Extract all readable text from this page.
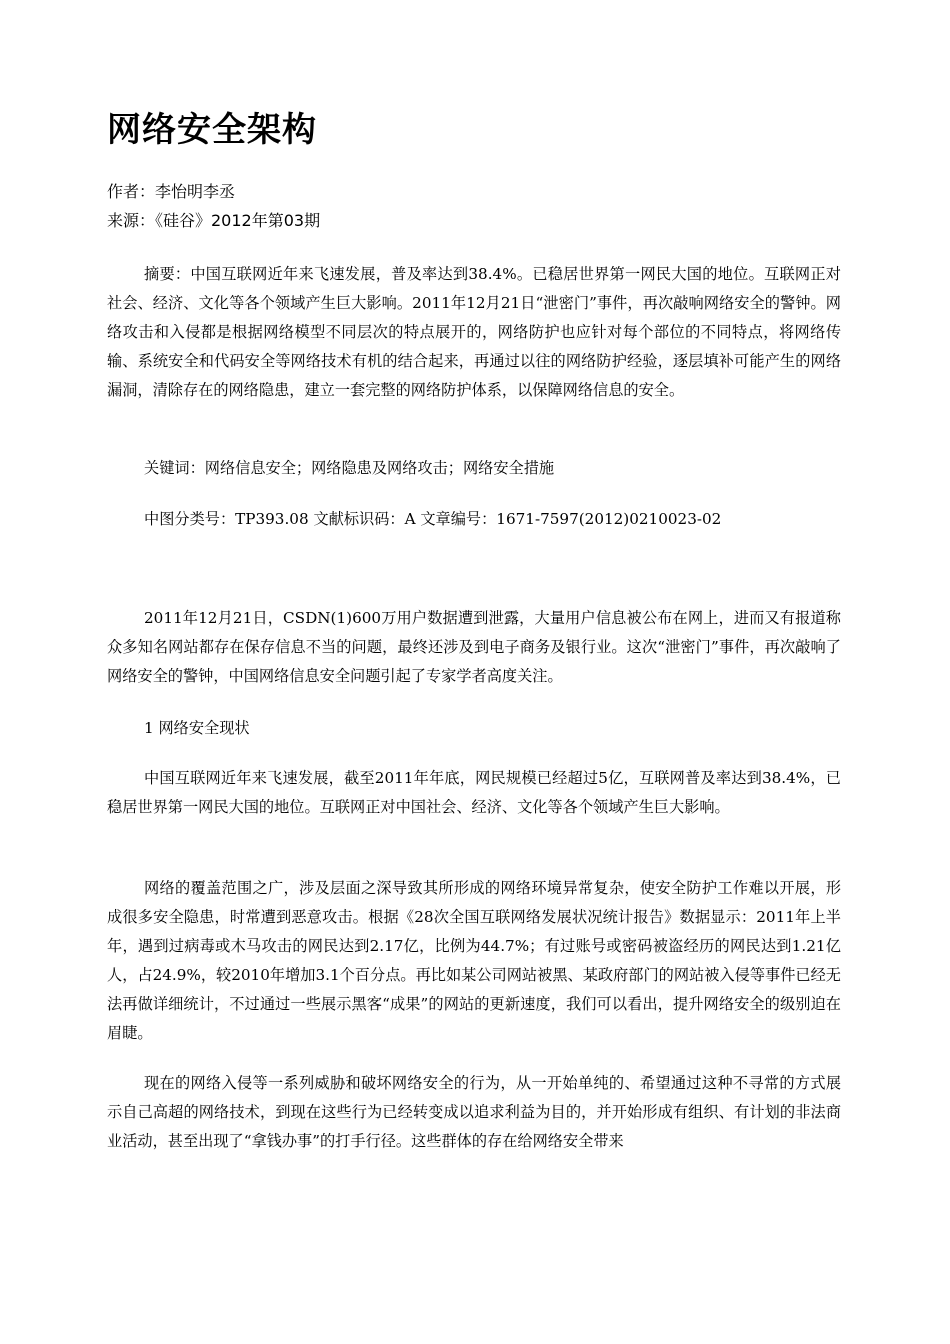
网络安全架构
作者：李怡明李丞
来源：《硅谷》2012年第03期

摘要：中国互联网近年来飞速发展，普及率达到38.4%。已稳居世界第一网民大国的地位。互联网正对社会、经济、文化等各个领域产生巨大影响。2011年12月21日“泄密门”事件，再次敲响网络安全的警钟。网络攻击和入侵都是根据网络模型不同层次的特点展开的，网络防护也应针对每个部位的不同特点，将网络传输、系统安全和代码安全等网络技术有机的结合起来，再通过以往的网络防护经验，逐层填补可能产生的网络漏洞，清除存在的网络隐患，建立一套完整的网络防护体系，以保障网络信息的安全。

关键词：网络信息安全；网络隐患及网络攻击；网络安全措施

中图分类号：TP393.08 文献标识码：A 文章编号：1671-7597(2012)0210023-02

2011年12月21日，CSDN(1)600万用户数据遭到泄露，大量用户信息被公布在网上，进而又有报道称众多知名网站都存在保存信息不当的问题，最终还涉及到电子商务及银行业。这次“泄密门”事件，再次敲响了网络安全的警钟，中国网络信息安全问题引起了专家学者高度关注。

1 网络安全现状

中国互联网近年来飞速发展，截至2011年年底，网民规模已经超过5亿，互联网普及率达到38.4%，已稳居世界第一网民大国的地位。互联网正对中国社会、经济、文化等各个领域产生巨大影响。

网络的覆盖范围之广，涉及层面之深导致其所形成的网络环境异常复杂，使安全防护工作难以开展，形成很多安全隐患，时常遭到恶意攻击。根据《28次全国互联网络发展状况统计报告》数据显示：2011年上半年，遇到过病毒或木马攻击的网民达到2.17亿，比例为44.7%；有过账号或密码被盗经历的网民达到1.21亿人，占24.9%，较2010年增加3.1个百分点。再比如某公司网站被黑、某政府部门的网站被入侵等事件已经无法再做详细统计，不过通过一些展示黑客“成果”的网站的更新速度，我们可以看出，提升网络安全的级别迫在眉睫。

现在的网络入侵等一系列威胁和破坏网络安全的行为，从一开始单纯的、希望通过这种不寻常的方式展示自己高超的网络技术，到现在这些行为已经转变成以追求利益为目的，并开始形成有组织、有计划的非法商业活动，甚至出现了“拿钱办事”的打手行径。这些群体的存在给网络安全带来
